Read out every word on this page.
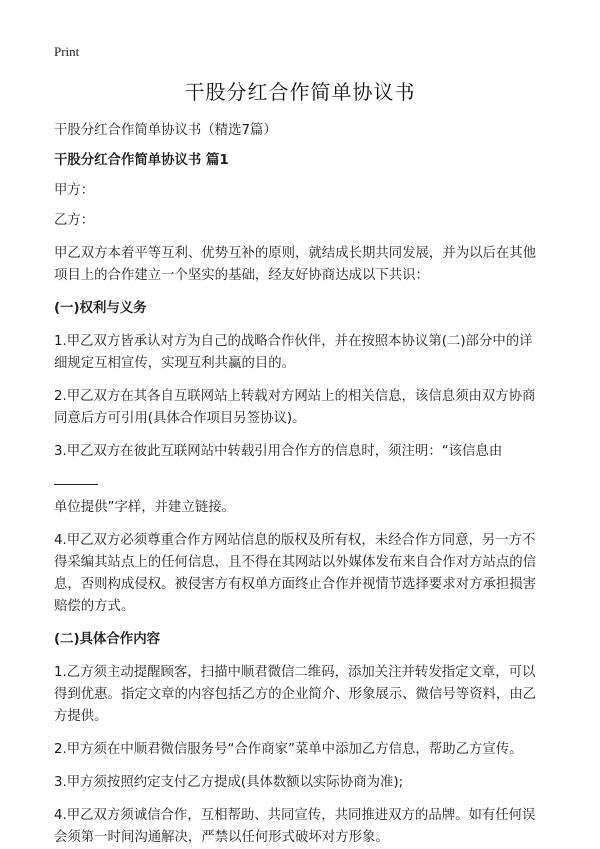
Print
干股分红合作简单协议书

干股分红合作简单协议书（精选7篇）

干股分红合作简单协议书 篇1

甲方：

乙方：

甲乙双方本着平等互利、优势互补的原则，就结成长期共同发展，并为以后在其他

项目上的合作建立一个坚实的基础，经友好协商达成以下共识：

(一)权利与义务

1.甲乙双方皆承认对方为自己的战略合作伙伴，并在按照本协议第(二)部分中的详

细规定互相宣传，实现互利共赢的目的。

2.甲乙双方在其各自互联网站上转载对方网站上的相关信息，该信息须由双方协商

同意后方可引用(具体合作项目另签协议)。

3.甲乙双方在彼此互联网站中转载引用合作方的信息时，须注明：“该信息由

单位提供”字样，并建立链接。

4.甲乙双方必须尊重合作方网站信息的版权及所有权，未经合作方同意，另一方不

得采编其站点上的任何信息，且不得在其网站以外媒体发布来自合作对方站点的信

息，否则构成侵权。被侵害方有权单方面终止合作并视情节选择要求对方承担损害

赔偿的方式。

(二)具体合作内容

1.乙方须主动提醒顾客，扫描中顺君微信二维码，添加关注并转发指定文章，可以

得到优惠。指定文章的内容包括乙方的企业简介、形象展示、微信号等资料，由乙

方提供。

2.甲方须在中顺君微信服务号“合作商家”菜单中添加乙方信息，帮助乙方宣传。

3.甲方须按照约定支付乙方提成(具体数额以实际协商为准);

4.甲乙双方须诚信合作，互相帮助、共同宣传，共同推进双方的品牌。如有任何误

会须第一时间沟通解决，严禁以任何形式破坏对方形象。
